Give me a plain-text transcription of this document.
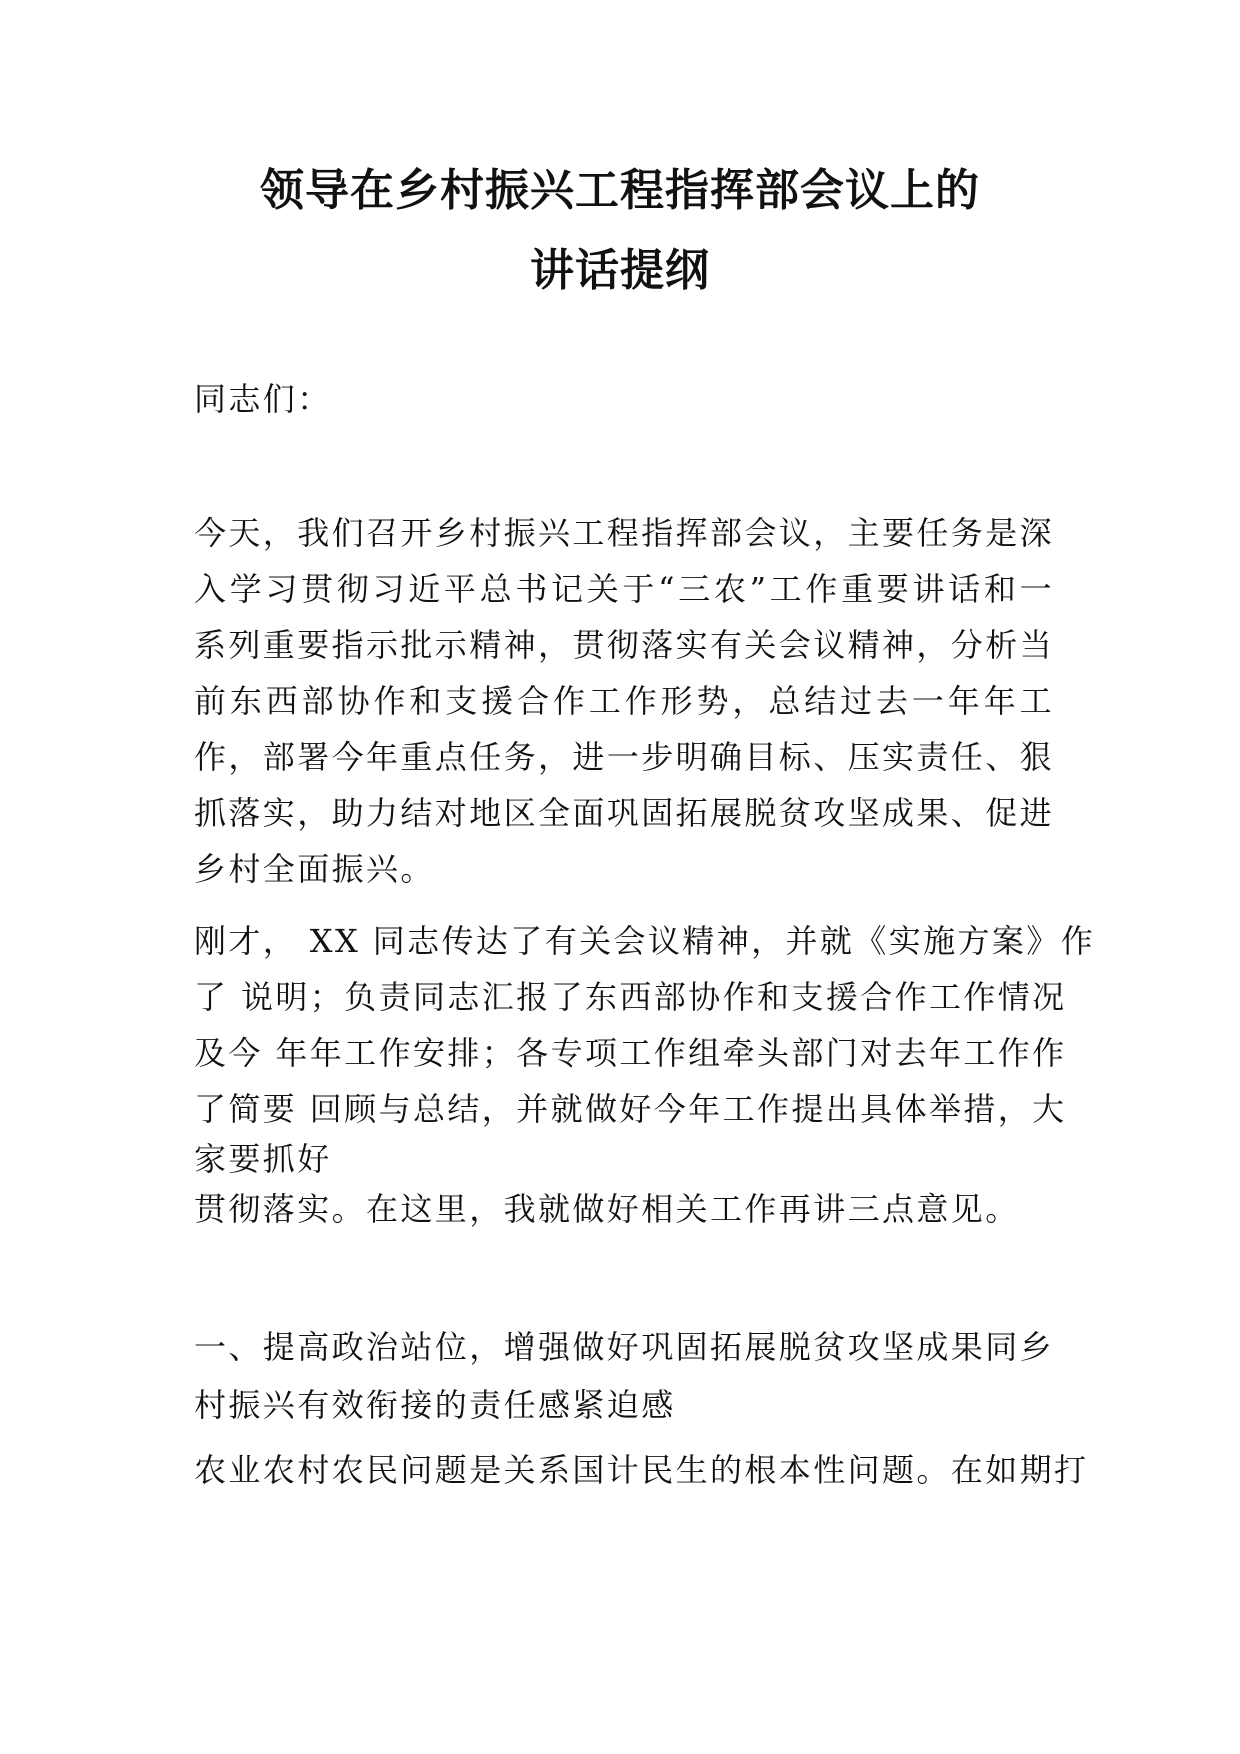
领导在乡村振兴工程指挥部会议上的
讲话提纲
同志们：

今天，我们召开乡村振兴工程指挥部会议，主要任务是深入学习贯彻习近平总书记关于“三农”工作重要讲话和一系列重要指示批示精神，贯彻落实有关会议精神，分析当前东西部协作和支援合作工作形势，总结过去一年年工作，部署今年重点任务，进一步明确目标、压实责任、狠抓落实，助力结对地区全面巩固拓展脱贫攻坚成果、促进乡村全面振兴。

刚才， XX 同志传达了有关会议精神，并就《实施方案》作
了 说明；负责同志汇报了东西部协作和支援合作工作情况
及今 年年工作安排；各专项工作组牵头部门对去年工作作
了简要 回顾与总结，并就做好今年工作提出具体举措，大
家要抓好
贯彻落实。在这里，我就做好相关工作再讲三点意见。
一、提高政治站位，增强做好巩固拓展脱贫攻坚成果同乡村振兴有效衔接的责任感紧迫感
农业农村农民问题是关系国计民生的根本性问题。在如期打
